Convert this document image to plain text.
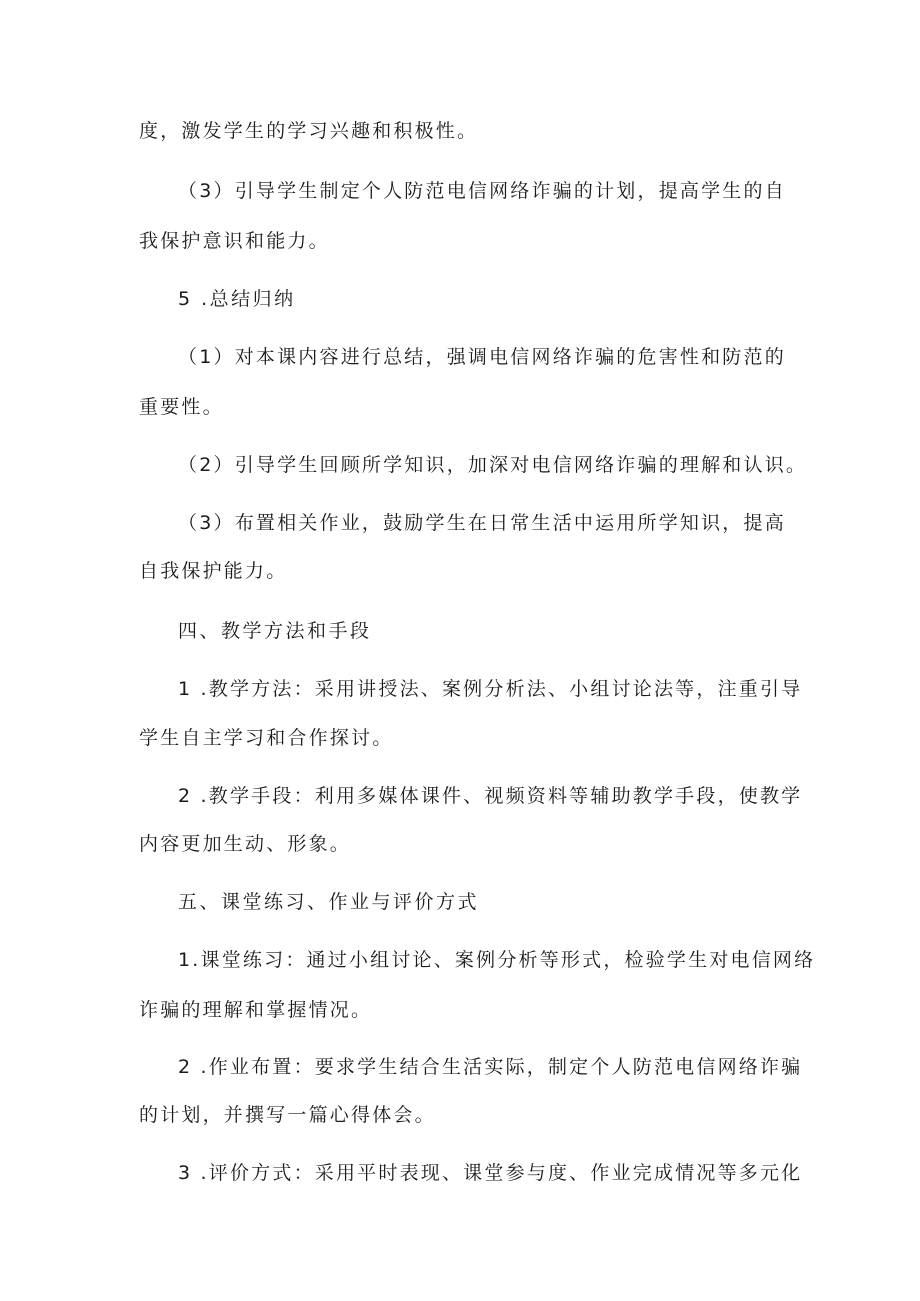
度，激发学生的学习兴趣和积极性。
（3）引导学生制定个人防范电信网络诈骗的计划，提高学生的自
我保护意识和能力。
5 .总结归纳
（1）对本课内容进行总结，强调电信网络诈骗的危害性和防范的
重要性。
（2）引导学生回顾所学知识，加深对电信网络诈骗的理解和认识。
（3）布置相关作业，鼓励学生在日常生活中运用所学知识，提高
自我保护能力。
四、教学方法和手段
1 .教学方法：采用讲授法、案例分析法、小组讨论法等，注重引导
学生自主学习和合作探讨。
2 .教学手段：利用多媒体课件、视频资料等辅助教学手段，使教学
内容更加生动、形象。
五、课堂练习、作业与评价方式
1.课堂练习：通过小组讨论、案例分析等形式，检验学生对电信网络
诈骗的理解和掌握情况。
2 .作业布置：要求学生结合生活实际，制定个人防范电信网络诈骗
的计划，并撰写一篇心得体会。
3 .评价方式：采用平时表现、课堂参与度、作业完成情况等多元化
